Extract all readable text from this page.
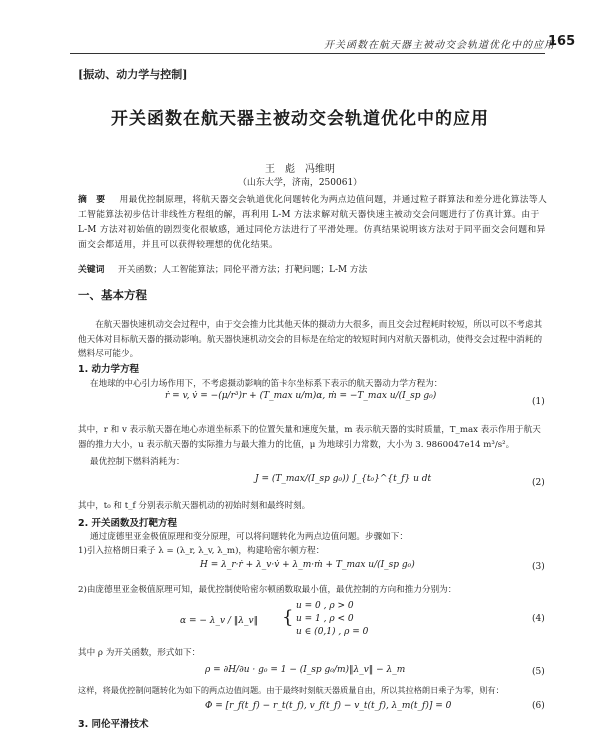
开关函数在航天器主被动交会轨道优化中的应用
165
[振动、动力学与控制]
开关函数在航天器主被动交会轨道优化中的应用
王　彪　冯维明
（山东大学，济南，250061）
摘　要 用最优控制原理，将航天器交会轨道优化问题转化为两点边值问题，并通过粒子群算法和差分进化算法等人工智能算法初步估计非线性方程组的解，再利用 L-M 方法求解对航天器快速主被动交会问题进行了仿真计算。由于 L-M 方法对初始值的剧烈变化很敏感，通过同伦方法进行了平滑处理。仿真结果说明该方法对于同平面交会问题和异面交会都适用，并且可以获得较理想的优化结果。
关键词 开关函数；人工智能算法；同伦平滑方法；打靶问题；L-M 方法
一、基本方程
在航天器快速机动交会过程中，由于交会推力比其他天体的摄动力大很多，而且交会过程耗时较短，所以可以不考虑其他天体对目标航天器的摄动影响。航天器快速机动交会的目标是在给定的较短时间内对航天器机动，使得交会过程中消耗的燃料尽可能少。
1. 动力学方程
在地球的中心引力场作用下，不考虑摄动影响的笛卡尔坐标系下表示的航天器动力学方程为：
ṙ = v, v̇ = −(μ/r³)r + (T_max u/m)α, ṁ = −T_max u/(I_sp g₀)
(1)
其中，r 和 v 表示航天器在地心赤道坐标系下的位置矢量和速度矢量，m 表示航天器的实时质量，T_max 表示作用于航天器的推力大小，u 表示航天器的实际推力与最大推力的比值，μ 为地球引力常数，大小为 3. 9860047e14 m³/s²。
最优控制下燃料消耗为：
J = (T_max/(I_sp g₀)) ∫_{t₀}^{t_f} u dt	(2)
其中，t₀ 和 t_f 分别表示航天器机动的初始时刻和最终时刻。
2. 开关函数及打靶方程
通过庞德里亚金极值原理和变分原理，可以将问题转化为两点边值问题。步骤如下：
1)引入拉格朗日乘子 λ = (λ_r, λ_v, λ_m)，构建哈密尔顿方程：
H = λ_r·ṙ + λ_v·v̇ + λ_m·ṁ + T_max u/(I_sp g₀)	(3)
2)由庞德里亚金极值原理可知，最优控制使哈密尔顿函数取最小值，最优控制的方向和推力分别为：
α = − λ_v / ‖λ_v‖ {
u = 0 , ρ > 0
u = 1 , ρ < 0
u ∈ (0,1) , ρ = 0
(4)
其中 ρ 为开关函数，形式如下：
ρ = ∂H/∂u · g₀ = 1 − (I_sp g₀/m)‖λ_v‖ − λ_m	(5)
这样，将最优控制问题转化为如下的两点边值问题。由于最终时刻航天器质量自由，所以其拉格朗日乘子为零，则有：
Φ = [r_f(t_f) − r_t(t_f), v_f(t_f) − v_t(t_f), λ_m(t_f)] = 0	(6)
3. 同伦平滑技术
